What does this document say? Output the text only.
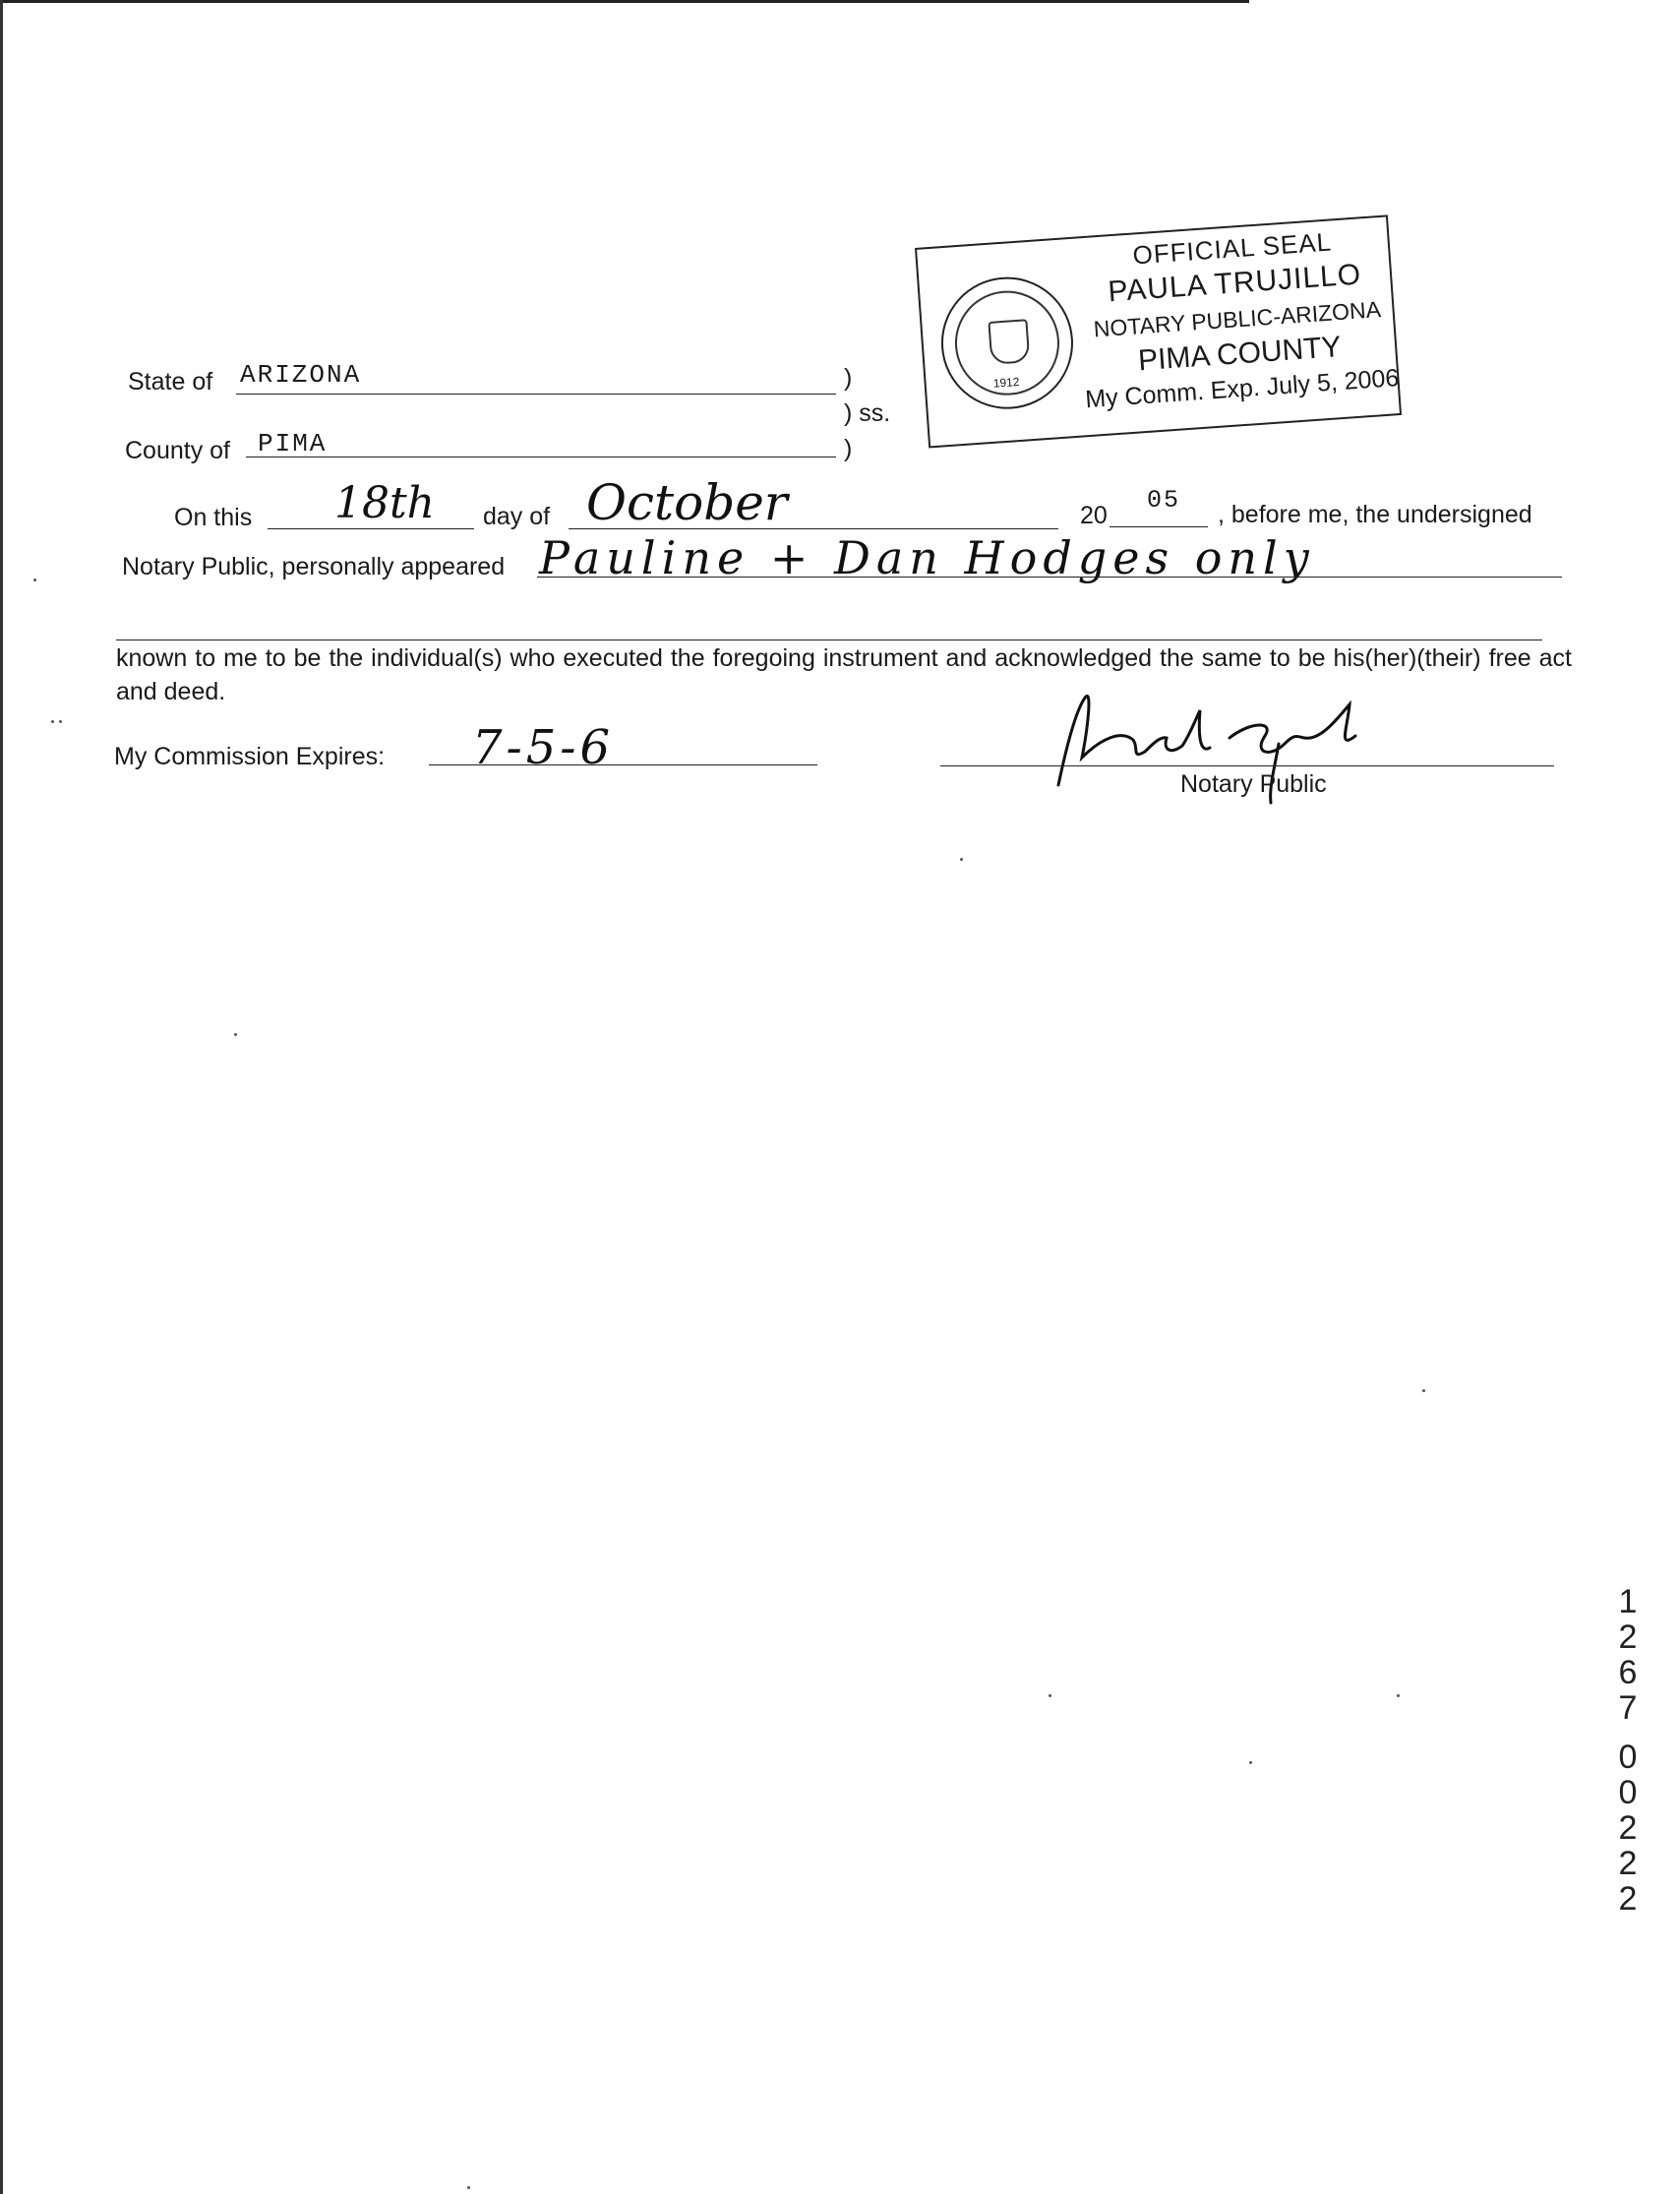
State of ARIZONA	)
) ss.
County of PIMA	)
1912
OFFICIAL SEAL
PAULA TRUJILLO
NOTARY PUBLIC-ARIZONA
PIMA COUNTY
My Comm. Exp. July 5, 2006
On this 18th day of October	20
05 , before me, the undersigned
Notary Public, personally appeared Pauline + Dan Hodges only
known to me to be the individual(s) who executed the foregoing instrument and acknowledged the same to be his(her)(their) free act and deed.
My Commission Expires: 7-5-6
Notary Public
1
2
6
7
0
0
2
2
2
